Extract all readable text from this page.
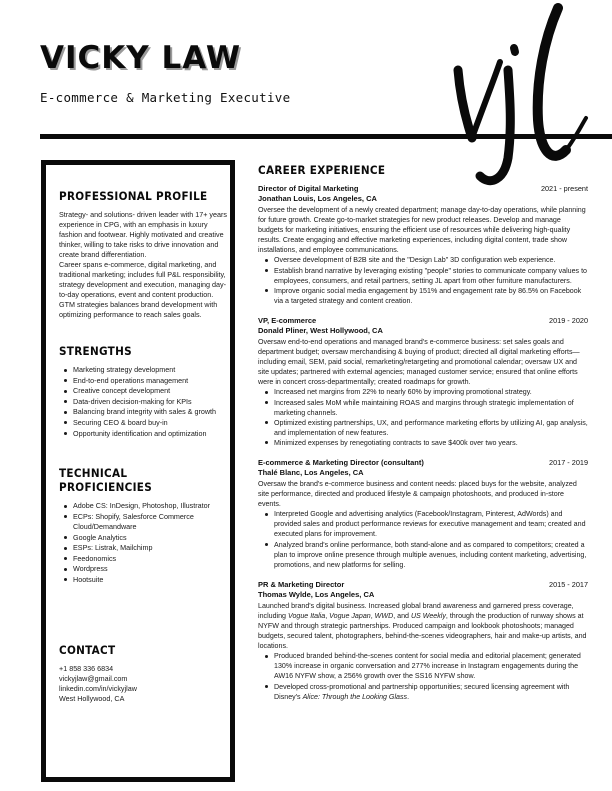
VICKY LAW

E-commerce & Marketing Executive

PROFESSIONAL PROFILE

Strategy- and solutions- driven leader with 17+ years experience in CPG, with an emphasis in luxury fashion and footwear. Highly motivated and creative thinker, willing to take risks to drive innovation and create brand differentiation.

Career spans e-commerce, digital marketing, and traditional marketing; includes full P&L responsibility, strategy development and execution, managing day-to-day operations, event and content production. GTM strategies balances brand development with optimizing performance to reach sales goals.

STRENGTHS
Marketing strategy development
End-to-end operations management
Creative concept development
Data-driven decision-making for KPIs
Balancing brand integrity with sales & growth
Securing CEO & board buy-in
Opportunity identification and optimization
TECHNICAL PROFICIENCIES
Adobe CS: InDesign, Photoshop, Illustrator
ECPs: Shopify, Salesforce Commerce Cloud/Demandware
Google Analytics
ESPs: Listrak, Mailchimp
Feedonomics
Wordpress
Hootsuite
CONTACT
+1 858 336 6834
vickyjlaw@gmail.com
linkedin.com/in/vickyjlaw
West Hollywood, CA
CAREER EXPERIENCE

Director of Digital Marketing	2021 - present

Jonathan Louis, Los Angeles, CA

Oversee the development of a newly created department; manage day-to-day operations, while planning for future growth. Create go-to-market strategies for new product releases. Develop and manage budgets for marketing initiatives, ensuring the efficient use of resources while delivering high-quality results. Create engaging and effective marketing experiences, including digital content, trade show installations, and employee communications.

Oversee development of B2B site and the "Design Lab" 3D configuration web experience.
Establish brand narrative by leveraging existing "people" stories to communicate company values to employees, consumers, and retail partners, setting JL apart from other furniture manufacturers.
Improve organic social media engagement by 151% and engagement rate by 86.5% on Facebook via a targeted strategy and content creation.

VP, E-commerce	2019 - 2020

Donald Pliner, West Hollywood, CA

Oversaw end-to-end operations and managed brand's e-commerce business: set sales goals and department budget; oversaw merchandising & buying of product; directed all digital marketing efforts—including email, SEM, paid social, remarketing/retargeting and promotional calendar; oversaw UX and site updates; partnered with external agencies; managed customer service; ensured that online efforts were in concert cross-departmentally; created roadmaps for growth.

Increased net margins from 22% to nearly 60% by improving promotional strategy.
Increased sales MoM while maintaining ROAS and margins through strategic implementation of marketing channels.
Optimized existing partnerships, UX, and performance marketing efforts by utilizing AI, gap analysis, and implementation of new features.
Minimized expenses by renegotiating contracts to save $400k over two years.

E-commerce & Marketing Director (consultant)	2017 - 2019

Thalé Blanc, Los Angeles, CA

Oversaw the brand's e-commerce business and content needs: placed buys for the website, analyzed site performance, directed and produced lifestyle & campaign photoshoots, and produced in-store events.

Interpreted Google and advertising analytics (Facebook/Instagram, Pinterest, AdWords) and provided sales and product performance reviews for executive management and team; created and executed plans for improvement.
Analyzed brand's online performance, both stand-alone and as compared to competitors; created a plan to improve online presence through multiple avenues, including content marketing, advertising, promotions, and new platforms for selling.

PR & Marketing Director	2015 - 2017

Thomas Wylde, Los Angeles, CA

Launched brand's digital business. Increased global brand awareness and garnered press coverage, including Vogue Italia, Vogue Japan, WWD, and US Weekly, through the production of runway shows at NYFW and through strategic partnerships. Produced campaign and lookbook photoshoots; managed budgets, secured talent, photographers, behind-the-scenes videographers, hair and make-up artists, and locations.

Produced branded behind-the-scenes content for social media and editorial placement; generated 130% increase in organic conversation and 277% increase in Instagram engagements during the AW16 NYFW show, a 256% growth over the SS16 NYFW show.
Developed cross-promotional and partnership opportunities; secured licensing agreement with Disney's Alice: Through the Looking Glass.
